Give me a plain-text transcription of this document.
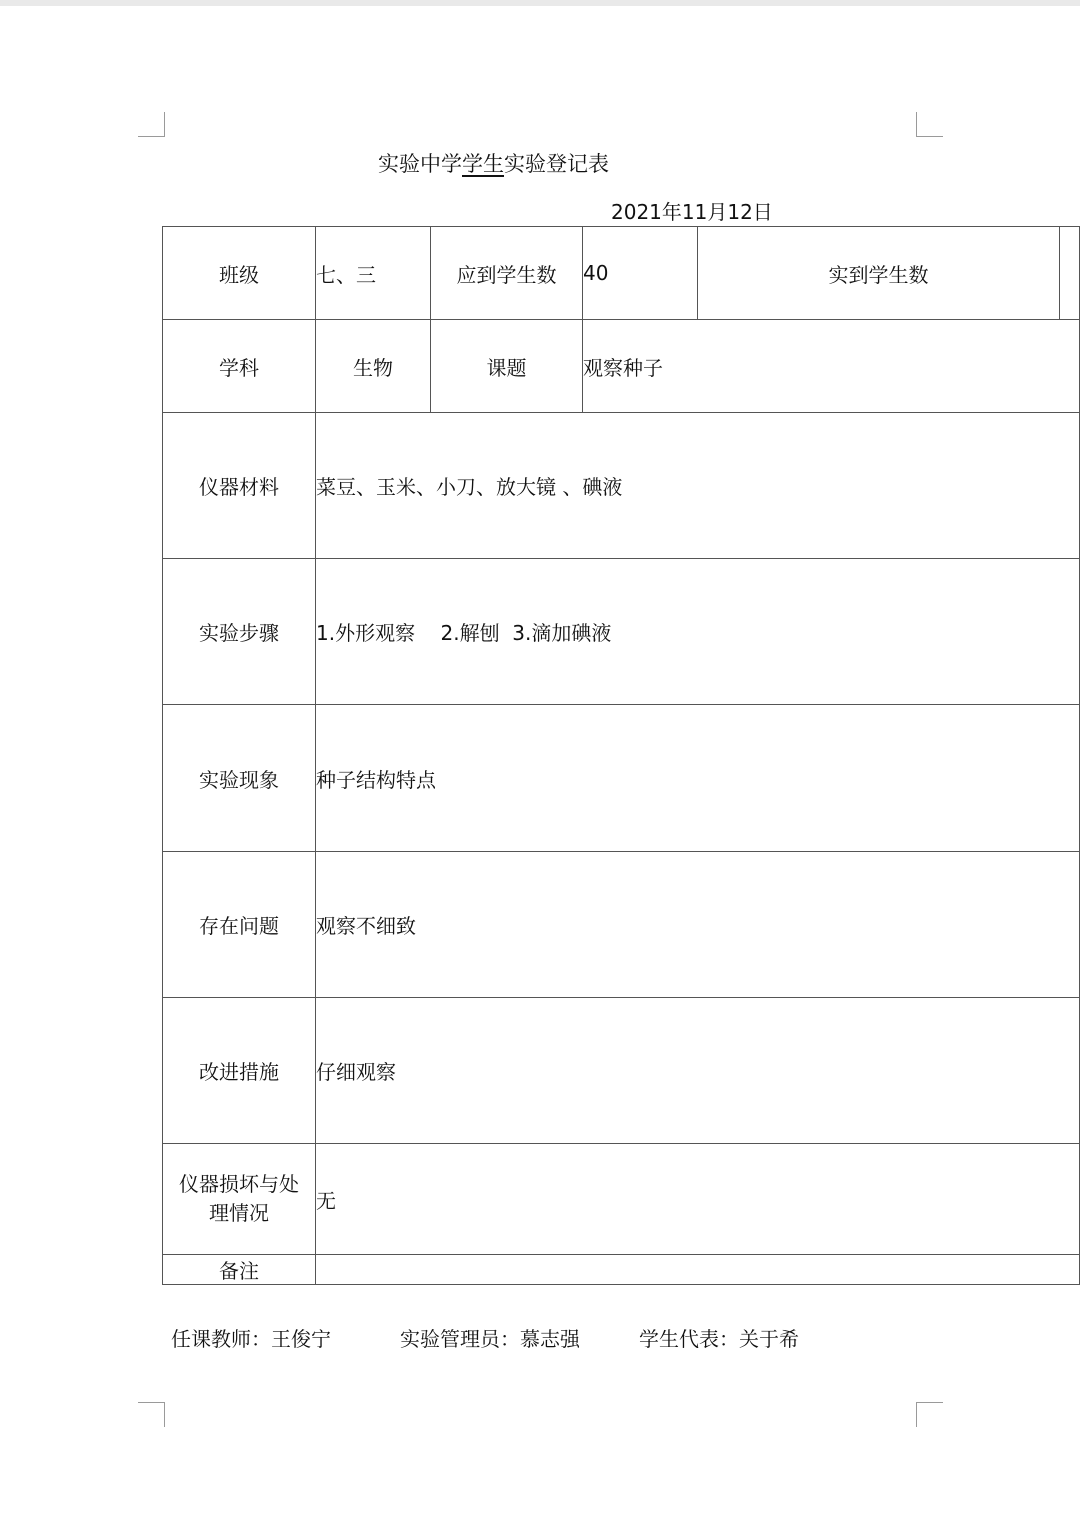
实验中学学生实验登记表
2021年11月12日
班级	七、三	应到学生数	40	实到学生数	
学科	生物	课题	观察种子		
仪器材料	菜豆、玉米、小刀、放大镜 、碘液				
实验步骤	1.外形观察    2.解刨  3.滴加碘液				
实验现象	种子结构特点				
存在问题	观察不细致				
改进措施	仔细观察				
仪器损坏与处
理情况	无				
备注					
任课教师：王俊宁	实验管理员：慕志强	学生代表：关于希
